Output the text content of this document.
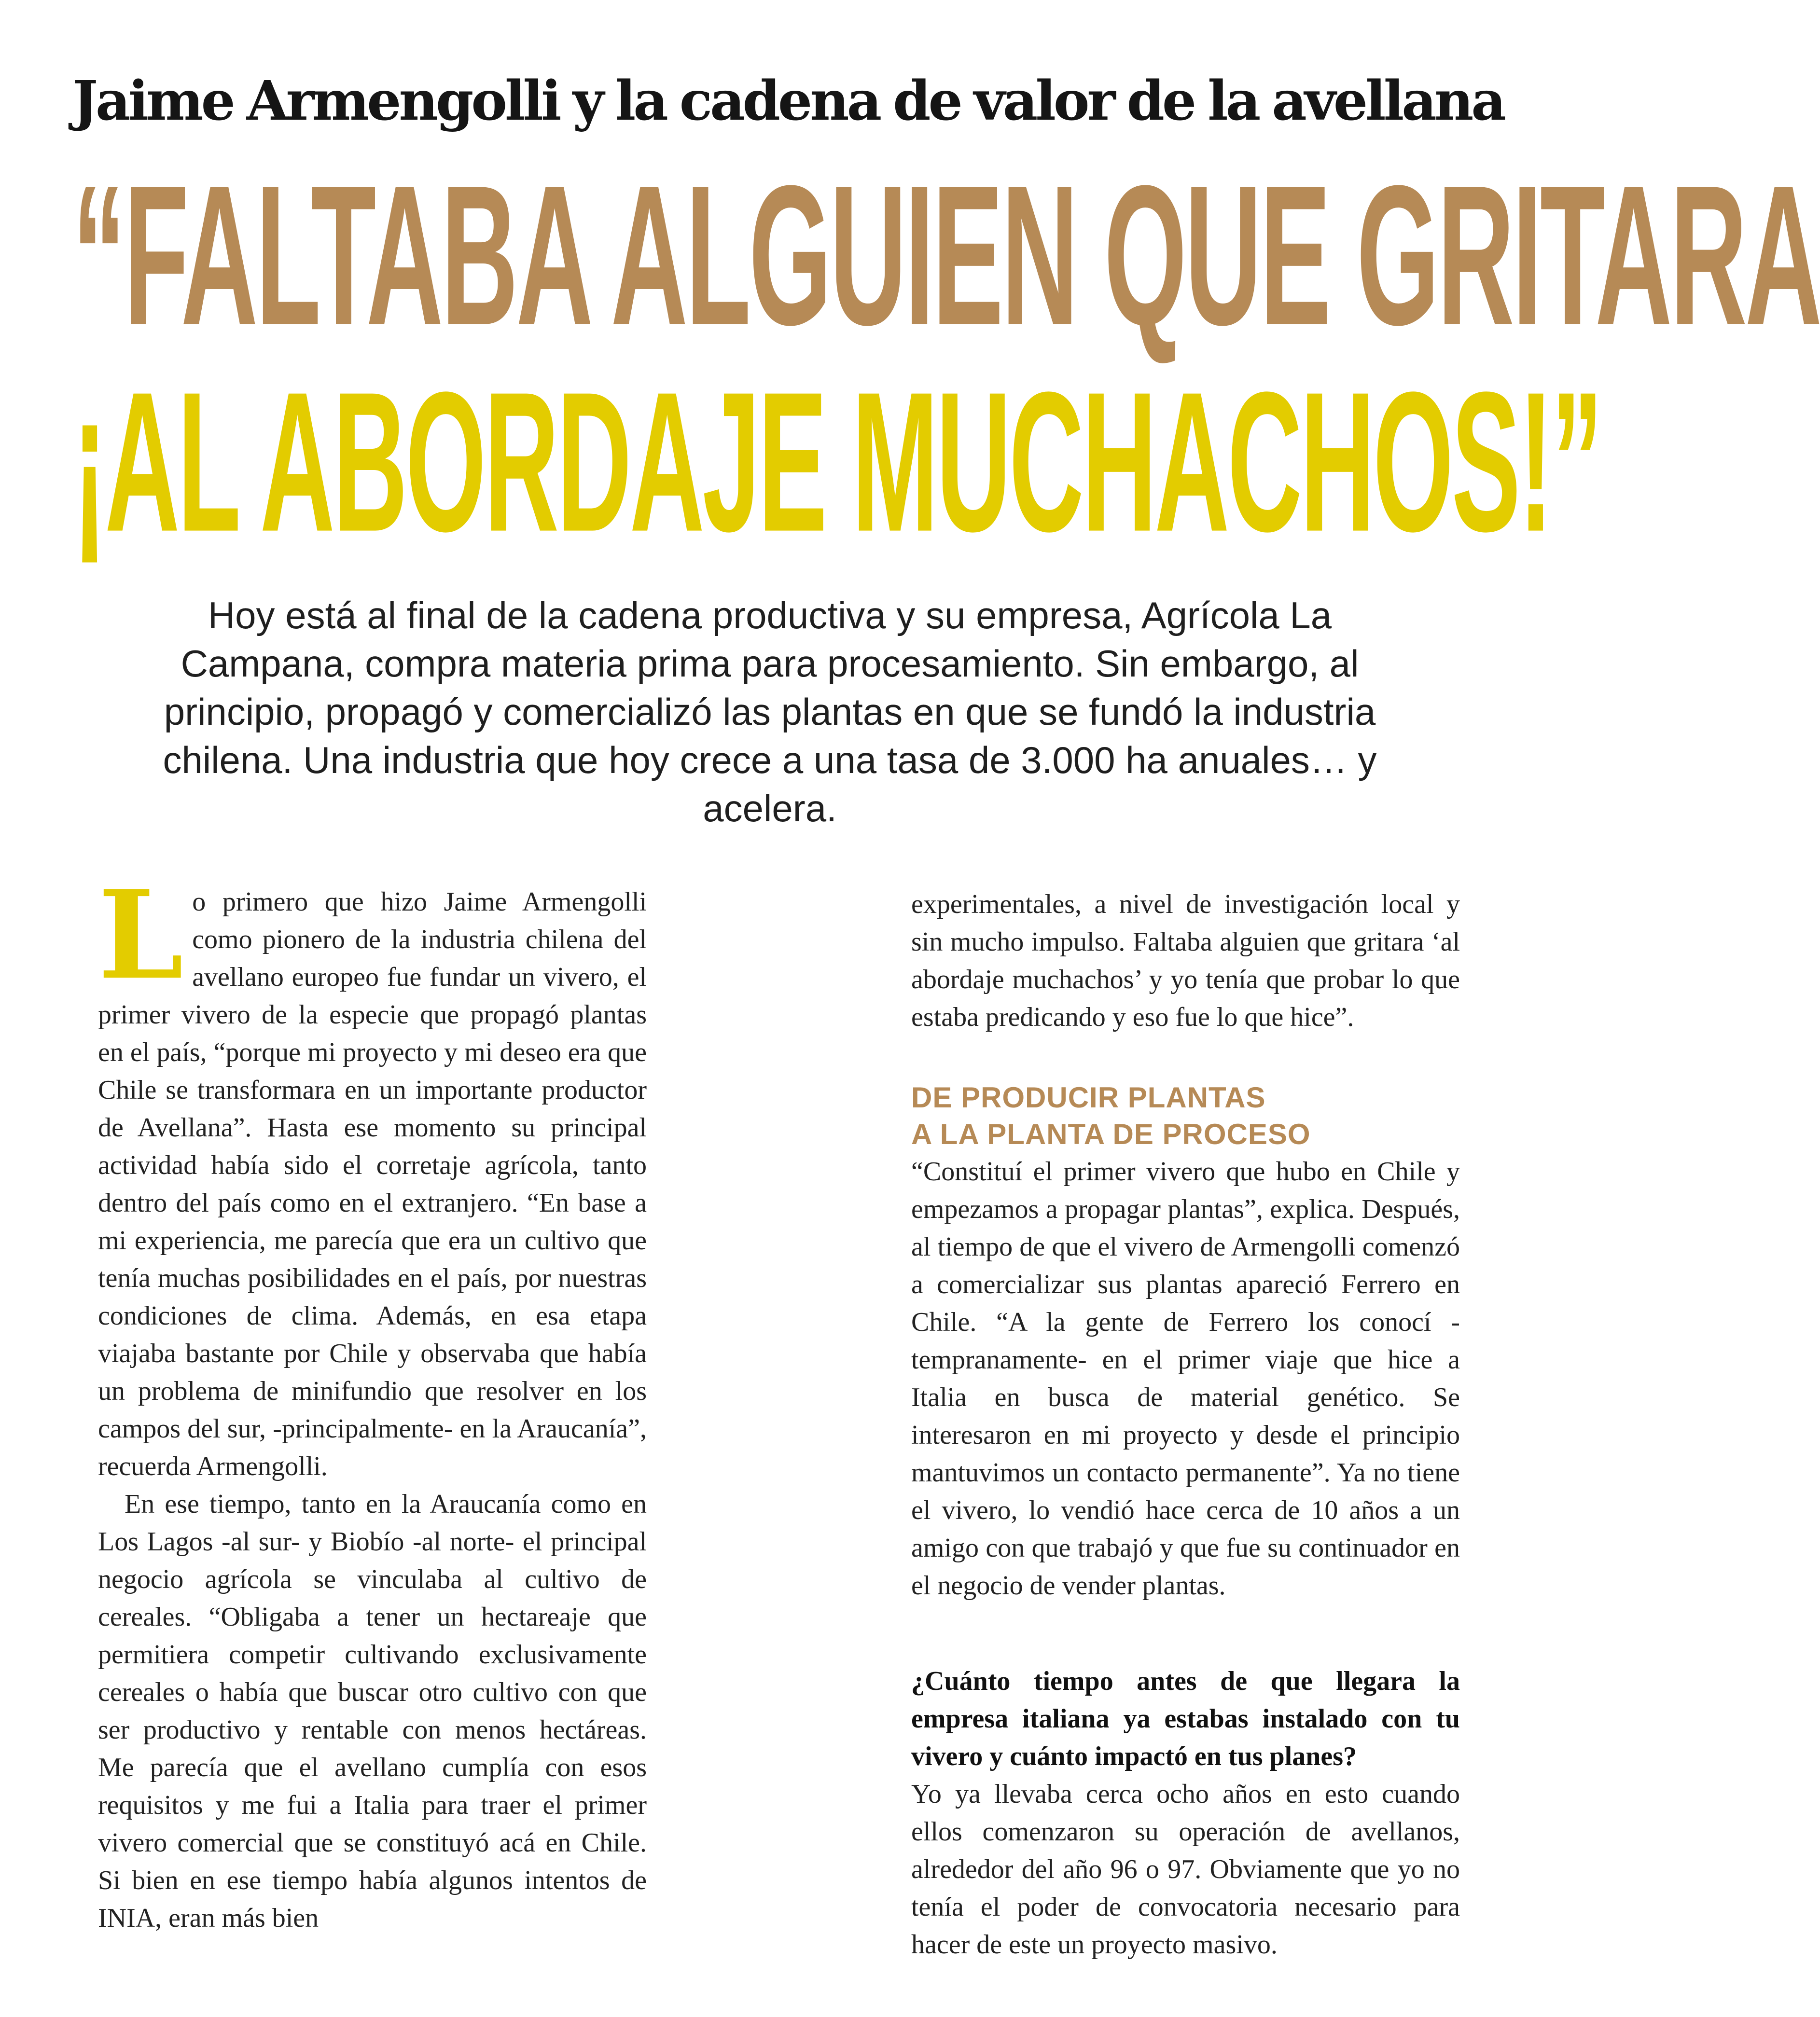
Jaime Armengolli y la cadena de valor de la avellana
“FALTABA ALGUIEN QUE GRITARA
¡AL ABORDAJE MUCHACHOS!”

Hoy está al final de la cadena productiva y su empresa, Agrícola La Campana, compra materia prima para procesamiento. Sin embargo, al principio, propagó y comercializó las plantas en que se fundó la industria chilena. Una industria que hoy crece a una tasa de 3.000 ha anuales… y acelera.

Lo primero que hizo Jaime Armengolli como pionero de la industria chilena del avellano europeo fue fundar un vivero, el primer vivero de la especie que propagó plantas en el país, “porque mi proyecto y mi deseo era que Chile se transformara en un importante productor de Avellana”. Hasta ese momento su principal actividad había sido el corretaje agrícola, tanto dentro del país como en el extranjero. “En base a mi experiencia, me parecía que era un cultivo que tenía muchas posibilidades en el país, por nuestras condiciones de clima. Además, en esa etapa viajaba bastante por Chile y observaba que había un problema de minifundio que resolver en los campos del sur, -principalmente- en la Araucanía”, recuerda Armengolli.

En ese tiempo, tanto en la Araucanía como en Los Lagos -al sur- y Biobío -al norte- el principal negocio agrícola se vinculaba al cultivo de cereales. “Obligaba a tener un hectareaje que permitiera competir cultivando exclusivamente cereales o había que buscar otro cultivo con que ser productivo y rentable con menos hectáreas. Me parecía que el avellano cumplía con esos requisitos y me fui a Italia para traer el primer vivero comercial que se constituyó acá en Chile. Si bien en ese tiempo había algunos intentos de INIA, eran más bien

experimentales, a nivel de investigación local y sin mucho impulso. Faltaba alguien que gritara ‘al abordaje muchachos’ y yo tenía que probar lo que estaba predicando y eso fue lo que hice”.

DE PRODUCIR PLANTAS
A LA PLANTA DE PROCESO

“Constituí el primer vivero que hubo en Chile y empezamos a propagar plantas”, explica. Después, al tiempo de que el vivero de Armengolli comenzó a comercializar sus plantas apareció Ferrero en Chile. “A la gente de Ferrero los conocí -tempranamente- en el primer viaje que hice a Italia en busca de material genético. Se interesaron en mi proyecto y desde el principio mantuvimos un contacto permanente”. Ya no tiene el vivero, lo vendió hace cerca de 10 años a un amigo con que trabajó y que fue su continuador en el negocio de vender plantas.

¿Cuánto tiempo antes de que llegara la empresa italiana ya estabas instalado con tu vivero y cuánto impactó en tus planes?

Yo ya llevaba cerca ocho años en esto cuando ellos comenzaron su operación de avellanos, alrededor del año 96 o 97. Obviamente que yo no tenía el poder de convocatoria necesario para hacer de este un proyecto masivo.
